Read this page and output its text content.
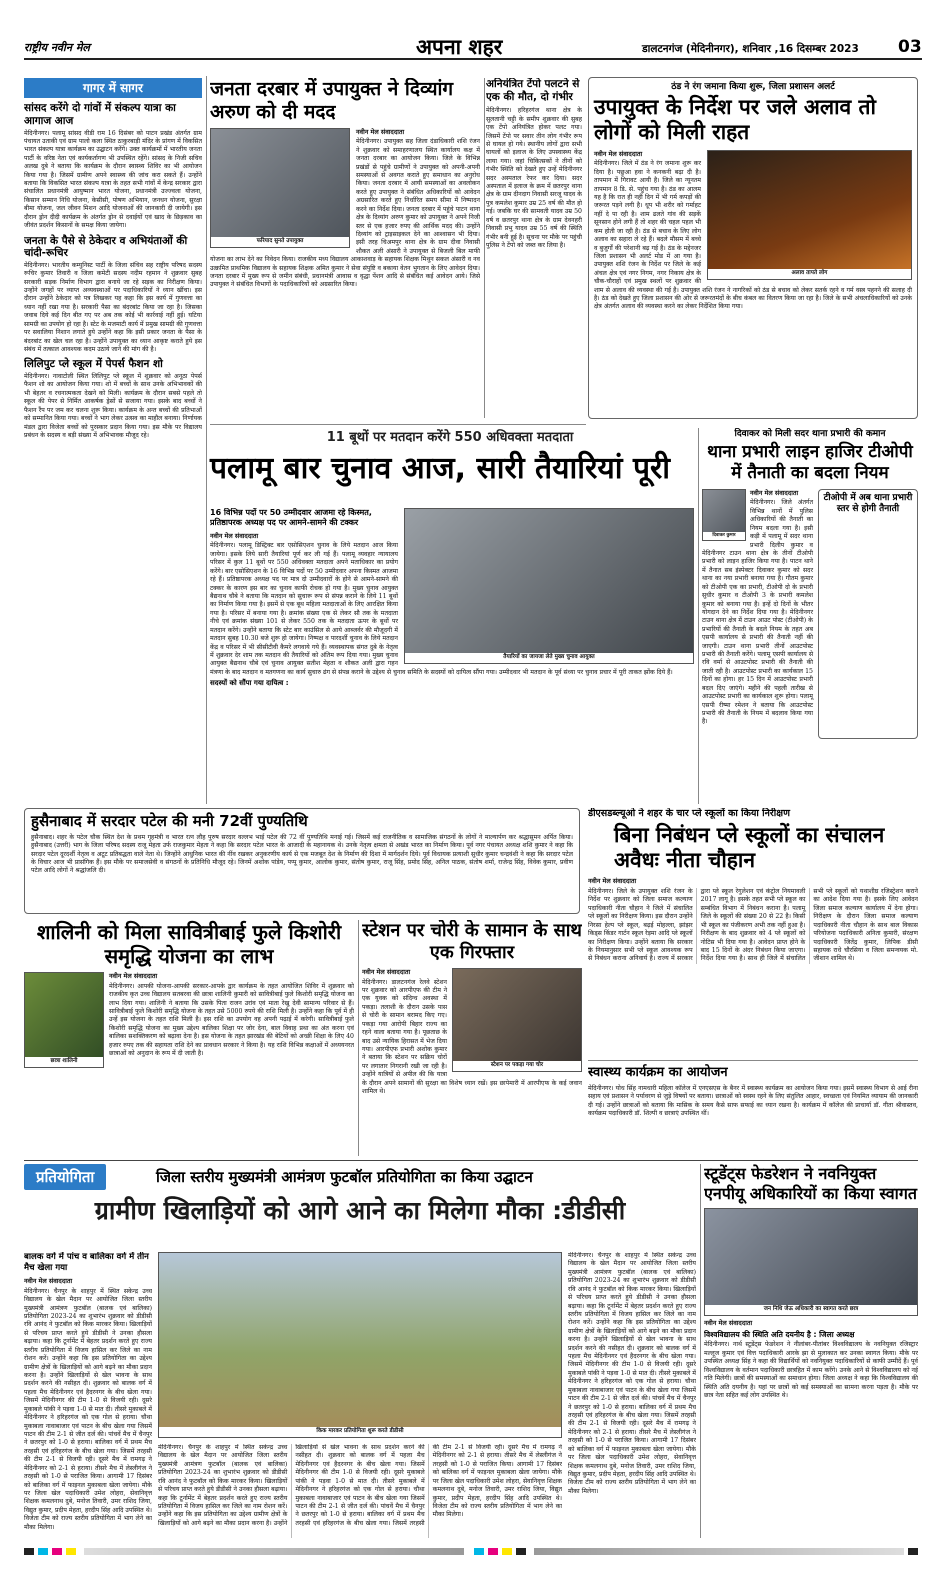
राष्ट्रीय नवीन मेल	अपना शहर	डालटनगंज (मेदिनीनगर), शनिवार ,16 दिसम्बर 2023 03
गागर में सागर
सांसद करेंगे दो गांवों में संकल्प यात्रा का आगाज आज
मेदिनीनगर। पलामू सांसद वीडी राम 16 दिसंबर को पाटन प्रखंड अंतर्गत ग्राम पंचायत उताकी एवं ग्राम पालो कला स्थित ठाकुरबाड़ी मंदिर के प्रांगण में विकसित भारत संकल्प यात्रा कार्यक्रम का उद्घाटन करेंगे। उक्त कार्यक्रमों में भारतीय जनता पार्टी के वरिष्ठ नेता एवं कार्यकर्तागण भी उपस्थित रहेंगे। सांसद के निजी सचिव अलख दुबे ने बताया कि कार्यक्रम के दौरान स्वास्थ्य शिविर का भी आयोजन किया गया है। जिसमें ग्रामीण अपने स्वास्थ्य की जांच करा सकते हैं। उन्होंने बताया कि विकसित भारत संकल्प यात्रा के तहत सभी गांवों में केन्द्र सरकार द्वारा संचालित प्रधानमंत्री आयुष्मान भारत योजना, प्रधानमंत्री उज्ज्वला योजना, किसान सम्मान निधि योजना, केसीसी, पोषण अभियान, जनधन योजना, सुरक्षा बीमा योजना, जल जीवन मिशन आदि योजनाओं की जानकारी दी जायेगी। इस दौरान ड्रोन दीदी कार्यक्रम के अंतर्गत ड्रोन से दवाईयों एवं खाद के छिड़काव का जीवंत प्रदर्शन किसानों के समक्ष किया जायेगा।
जनता के पैसे से ठेकेदार व अभियंताओं की चांदी-रूचिर
मेदिनीनगर। भारतीय कम्युनिस्ट पार्टी के जिला संचिव सह राष्ट्रीय परिषद सदस्य रूचिर कुमार तिवारी व जिला कमेटी सदस्य नदीम रहमान ने शुक्रवार सुबह सरकारी सड़क निर्माण विभाग द्वारा बनाये जा रहे सड़क का निरीक्षण किया। उन्होंने जगहों पर व्याप्त अव्यवस्थाओं पर पदाधिकारियों ने ध्यान खींचा। इस दौरान उन्होंने ठेकेदार को पत्र लिखकर यह कहा कि इस कार्य में गुणवत्ता का ध्यान नहीं रखा गया है। सरकारी पैसा का बंदरबांट किया जा रहा है। जिसका जवाब दिये कई दिन बीत गए पर अब तक कोई भी कार्रवाई नहीं हुई। घटिया सामग्री का उपयोग हो रहा है। स्टेट के मजमाटी कार्य में प्रमुख सामग्री की गुणवत्ता पर सवालिया निशान लगाते हुये उन्होंने कहा कि इसी प्रकार जनता के पैसा के बंदरबांट का खेल चल रहा है। उन्होंने उपायुक्त का ध्यान आकृष्ट कराते हुये इस संबंध में तत्काल आवश्यक कदम उठाये जाने की मांग की है।
लिलिपुट प्ले स्कूल में पेपर्स फैशन शो
मेदिनीनगर। नावाटोली स्थित लिलिपुट प्ले स्कूल में शुक्रवार को अनूठा पेपर्स फैशन शो का आयोजन किया गया। शो में बच्चों के साथ उनके अभिभावकों की भी बेहतर व रचनात्मकता देखने को मिली। कार्यक्रम के दौरान सबसे पहले तो स्कूल की पेपर से निर्मित आकर्षक ड्रेसों से सजाया गया। इसके बाद बच्चों ने फैशन रैंप पर जम कर चलना शुरू किया। कार्यक्रम के अन्त बच्चों की प्रतिभाओं को सम्मानित किया गया। बच्चों ने भाग लेकर उत्सव का माहौल बनाया। निर्णायक मंडल द्वारा विजेता बच्चों को पुरस्कार प्रदान किया गया। इस मौके पर विद्यालय प्रबंधन के सदस्य व बड़ी संख्या में अभिभावक मौजूद रहे।
जनता दरबार में उपायुक्त ने दिव्यांग अरुण को दी मदद
फरियाद सुनते उपायुक्त
नवीन मेल संवाददाता
मेदिनीनगर। उपायुक्त सह जिला दंडाधिकारी शशि रंजन ने शुक्रवार को समाहरणालय स्थित कार्यालय कक्ष में जनता दरबार का आयोजन किया। जिले के विभिन्न प्रखंडों से पहुंचे ग्रामीणों ने उपायुक्त को अपनी-अपनी समस्याओं से अवगत कराते हुए समाधान का अनुरोध किया। जनता दरबार में आयी समस्याओं का अवलोकन करते हुए उपायुक्त ने संबंधित अधिकारियों को आवेदन अग्रसारित करते हुए निर्धारित समय सीमा में निष्पादन करने का निर्देश दिया। जनता दरबार में पहुंचे पाटन थाना क्षेत्र के दिव्यांग अरुण कुमार को उपायुक्त ने अपने निजी स्तर से एक हजार रुपए की आर्थिक मदद की। उन्होंने दिव्यांग को ट्राइसाइकल देने का आश्वासन भी दिया। इसी तरह चिअमपुर थाना क्षेत्र के ग्राम दीवा निवासी शौकत अली अंसारी ने उपायुक्त से बिजली बिल माफी योजना का लाभ देने का निवेदन किया। राजकीय मध्य विद्यालय आकाशवाड़ के सहायक शिक्षक मिथुन सकल अंसारी व नव उत्क्रमित प्राथमिक विद्यालय के सहायक शिक्षक अमित कुमार ने सेवा संपुष्टि व बकाया वेतन भुगतान के लिए आवेदन दिया। जनता दरबार में मुख्य रूप से जमीन संबंधी, प्रधानमंत्री आवास व वृद्धा पेंशन आदि से संबंधित कई आवेदन आये। जिसे उपायुक्त ने संबंधित विभागों के पदाधिकारियों को अग्रसारित किया।
अनियंत्रित टेंपो पलटने से एक की मौत, दो गंभीर
मेदिनीनगर। हरिहरगंज थाना क्षेत्र के सुलतानी चट्टी के समीप शुक्रवार की सुबह एक टेंपो अनियंत्रित होकर पलट गया। जिसमें टेंपो पर सवार तीन लोग गंभीर रूप से घायल हो गये। स्थानीय लोगों द्वारा सभी घायलों को इलाज के लिए उपस्वास्थ्य केंद्र लाया गया। जहां चिकित्सकों ने तीनों को गंभीर स्थिति को देखते हुए उन्हें मेदिनीनगर सदर अस्पताल रेफर कर दिया। सदर अस्पताल में इलाज के क्रम में छतरपुर थाना क्षेत्र के ग्राम दीनदाग निवासी सरजू यादव के पुत्र कमलेश कुमार उम्र 25 वर्ष की मौत हो गई। जबकि घर की सामवती यादव उम्र 50 वर्ष व छतरपुर थाना क्षेत्र के ग्राम देवनहरी निवासी प्रभु यादव उम्र 55 वर्ष की स्थिति गंभीर बनी हुई है। सूचना पर मौके पर पहुंची पुलिस ने टेंपो को जब्त कर लिया है।
ठंड ने रंग जमाना किया शुरू, जिला प्रशासन अलर्ट
उपायुक्त के निर्देश पर जले अलाव तो लोगों को मिली राहत
अलाव तापते लोग
नवीन मेल संवाददाता
मेदिनीनगर। जिले में ठंड ने रंग जमाना शुरू कर दिया है। पछुआ हवा ने कनकनी बढ़ा दी है। तापमान में गिरावट आयी है। जिले का न्यूनतम तापमान 8 डि. से. पहुंच गया है। ठंड का आलम यह है कि रात ही नहीं दिन में भी गर्म कपड़ों की जरूरत पड़ने लगी है। धूप भी शरीर को गर्माहट नहीं दे पा रही है। शाम ढलते गांव की सड़कें सूनसान होने लगी हैं तो शहर की चहल पहल भी कम होती जा रही है। ठंड से बचाव के लिए लोग अलाव का सहारा ले रहे हैं। बदले मौसम में बच्चे व बुजुर्गों की परेशानी बढ़ गई है। ठंड के मद्देनजर जिला प्रशासन भी अलर्ट मोड में आ गया है। उपायुक्त शशि रंजन के निर्देश पर जिले के कई अंचल क्षेत्र एवं नगर निगम, नगर निकाय क्षेत्र के चौक-चौराहों एवं प्रमुख स्थलों पर शुक्रवार की शाम से अलाव की व्यवस्था की गई है। उपायुक्त शशि रंजन ने नागरिकों को ठंड से बचाव को लेकर सतर्क रहने व गर्म वस्त्र पहनने की सलाह दी है। ठंड को देखते हुए जिला प्रशासन की ओर से जरूरतमंदों के बीच कंबल का वितरण किया जा रहा है। जिले के सभी अंचलाधिकारियों को उनके क्षेत्र अंतर्गत अलाव की व्यवस्था करने का लेकर निर्देशित किया गया।
11 बूथों पर मतदान करेंगे 550 अधिवक्ता मतदाता
पलामू बार चुनाव आज, सारी तैयारियां पूरी
तैयारियों का जायजा लेते मुख्य चुनाव आयुक्त
16 विभिन्न पदों पर 50 उम्मीदवार आजमा रहे किस्मत, प्रतिष्ठापरक अध्यक्ष पद पर आमने-सामने की टक्कर
नवीन मेल संवाददाता
मेदिनीनगर। पलामू डिस्ट्रिक्ट बार एसोसिएशन चुनाव के लिये मतदान आज किया जायेगा। इसके लिये सारी तैयारियां पूर्ण कर ली गई हैं। पलामू व्यवहार न्यायालय परिसर में कुल 11 बूथों पर 550 अधिवक्ता मतदाता अपने मताधिकार का प्रयोग करेंगे। बार एसोसिएशन के 16 विभिन्न पदों पर 50 उम्मीदवार अपना किस्मत आजमा रहे हैं। प्रतिष्ठापरक अध्यक्ष पद पर मात्र दो उम्मीदवारों के होने से आमने-सामने की टक्कर के कारण इस बार का चुनाव काफी रोचक हो गया है। मुख्य चुनाव आयुक्त बैद्यनाथ चौबे ने बताया कि मतदान को सुचारू रूप से संपन्न कराने के लिये 11 बूथों का निर्माण किया गया है। इसमें से एक बूथ महिला मतदाताओं के लिए आरक्षित किया गया है। परिसर में बनाया गया है। क्रमांक संख्या एक से लेकर सौ तक के मतदाता नीचे एवं क्रमांक संख्या 101 से लेकर 550 तक के मतदाता ऊपर के बूथों पर मतदान करेंगे। उन्होंने बताया कि स्टेट बार काउंसिल से आये आब्जर्वर की मौजूदगी में मतदान सुबह 10.30 बजे शुरू हो जायेगा। निष्पक्ष व पारदर्शी चुनाव के लिये मतदान केंद्र व परिसर में भी सीसीटीवी कैमरे लगवाये गये हैं। व्यवस्थापक संगत दुबे के नेतृत्व में शुक्रवार देर शाम तक मतदान की तैयारियों को अंतिम रूप दिया गया। मुख्य चुनाव आयुक्त बैद्यनाथ चौबे एवं चुनाव आयुक्त सतीश मेहता व शौकत अली द्वारा गहन मंत्रणा के बाद मतदान व मतगणना का कार्य सुचारु ढंग से संपन्न कराने के उद्देश्य से चुनाव समिति के सदस्यों को दायित्व सौंपा गया। उम्मीदवार भी मतदान के पूर्व संध्या पर चुनाव प्रचार में पूरी ताकत झोंक दिये हैं।
सदस्यों को सौंपा गया दायित्व :
दिवाकर को मिली सदर थाना प्रभारी की कमान
थाना प्रभारी लाइन हाजिर टीओपी में तैनाती का बदला नियम
टीओपी में अब थाना प्रभारी स्तर से होगी तैनाती
दिवाकर कुमार
नवीन मेल संवाददाता
मेदिनीनगर। जिले अंतर्गत विभिन्न थानों में पुलिस अधिकारियों की तैनाती का नियम बदला गया है। इसी कड़ी में पलामू में सदर थाना प्रभारी दिलीप कुमार व मेदिनीनगर टाउन थाना क्षेत्र के तीनों टीओपी प्रभारी को लाइन हाजिर किया गया है। पाटन थाने में तैनात सब इंस्पेक्टर दिवाकर कुमार को सदर थाना का नया प्रभारी बनाया गया है। गौतम कुमार को टीओपी एक का प्रभारी, टीओपी दो के प्रभारी सुधीर कुमार व टीओपी 3 के प्रभारी कमलेश कुमार को बनाया गया है। इन्हें दो दिनों के भीतर योगदान देने का निर्देश दिया गया है। मेदिनीनगर टाउन थाना क्षेत्र में टाउन आउट पोस्ट (टीओपी) के प्रभारियों की तैनाती के बदले नियम के तहत अब एसपी कार्यालय से प्रभारी की तैनाती नहीं की जाएगी। टाउन थाना प्रभारी तीनों आउटपोस्ट प्रभारी की तैनाती करेंगे। पलामू एसपी कार्यालय से रवि वर्मा से आउटपोस्ट प्रभारी की तैनाती की जाती रही है। आउटपोस्ट प्रभारी का कार्यकाल 15 दिनों का होगा। हर 15 दिन में आउटपोस्ट प्रभारी बदल दिए जाएंगे। महीने की पहली तारीख से आउटपोस्ट प्रभारी का कार्यकाल शुरू होगा। पलामू एसपी रीष्मा रमेशन ने बताया कि आउटपोस्ट प्रभारी की तैनाती के नियम में बदलाव किया गया है।
हुसैनाबाद में सरदार पटेल की मनी 72वीं पुण्यतिथि
हुसैनाबाद। शहर के पटेल चौक स्थित देश के प्रथम गृहमंत्री व भारत रत्न लौह पुरुष सरदार वल्लभ भाई पटेल की 72 वीं पुण्यतिथि मनाई गई। जिसमें कई राजनीतिक व सामाजिक संगठनों के लोगों ने माल्यार्पण कर श्रद्धासुमन अर्पित किया। हुसैनाबाद (उत्तरी) भाग के जिला परिषद सदस्य राजू मेहता उर्फ राजकुमार मेहता ने कहा कि सरदार पटेल भारत के आजादी के महानायक थे। उनके नेतृत्व क्षमता से अखंड भारत का निर्माण किया। पूर्व नगर पंचायत अध्यक्ष शशि कुमार ने कहा कि सरदार पटेल दूरदर्शी नेतृत्व व अटूट प्रतिबद्धता वाले नेता थे। जिन्होंने आधुनिक भारत की नींव रखकर अनुकरणीय कार्य से एक मजबूत देश के निर्माण की दिशा में मार्गदर्शन दिये। पूर्व विधायक प्रत्याशी सुधीर कुमार चन्द्रवंशी ने कहा कि सरदार पटेल के विचार आज भी प्रासंगिक हैं। इस मौके पर समाजसेवी व संगठनों के प्रतिनिधि मौजूद रहे। जिनमें अशोक पांडेय, पप्पू कुमार, आलोक कुमार, संतोष कुमार, राजू सिंह, प्रमोद सिंह, अनिल पाठक, संतोष शर्मा, राजेन्द्र सिंह, विवेक कुमार, प्रवीण पटेल आदि लोगों ने श्रद्धांजलि दी।
डीएसडब्ल्यूओ ने शहर के चार प्ले स्कूलों का किया निरीक्षण
बिना निबंधन प्ले स्कूलों का संचालन अवैधः नीता चौहान
नवीन मेल संवाददाता
मेदिनीनगर। जिले के उपायुक्त शशि रंजन के निर्देश पर शुक्रवार को जिला समाज कल्याण पदाधिकारी नीता चौहान ने जिले में संचालित प्ले स्कूलों का निरीक्षण किया। इस दौरान उन्होंने निरसा हेल्प प्ले स्कूल, बढ़ई मोहल्ला, झांझर किड्स किंडर गार्टन स्कूल रेड़मा आदि प्ले स्कूलों का निरीक्षण किया। उन्होंने बताया कि सरकार के नियमानुसार सभी प्ले स्कूल आवश्यक रूप से निबंधन कराना अनिवार्य है। राज्य में सरकार द्वारा प्ले स्कूल रेगुलेशन एवं कंट्रोल नियमावली 2017 लागू है। इसके तहत सभी प्ले स्कूल का सम्बंधित विभाग में निबंधन कराना है। पलामू जिले के स्कूलों की संख्या 20 से 22 है। किसी भी स्कूल का पंजीकरण अभी तक नहीं हुआ है। निरीक्षण के बाद शुक्रवार को 4 प्ले स्कूलों को नोटिस भी दिया गया है। आवेदन प्राप्त होने के बाद 15 दिनों के अंदर निबंधन किया जाएगा। निर्देश दिया गया है। साथ ही जिले में संचालित सभी प्ले स्कूलों को यथाशीघ्र रजिस्ट्रेशन कराने का आदेश दिया गया है। इसके लिए आवेदन जिला समाज कल्याण कार्यालय में देना होगा। निरीक्षण के दौरान जिला समाज कल्याण पदाधिकारी नीता चौहान के साथ बाल विकास परियोजना पदाधिकारी अनिता कुमारी, संरक्षण पदाधिकारी जितेंद्र कुमार, लिपिक डीसी सहायक राधे चौरसिया व जिला समन्वयक मो. जीशान शामिल थे।
स्वास्थ्य कार्यक्रम का आयोजन
मेदिनीनगर। योध सिंह नामधारी महिला कॉलेज में एनएसएस के बैनर में स्वास्थ्य कार्यक्रम का आयोजन किया गया। इसमें स्वास्थ्य विभाग से आई रीना सहाय एवं प्रशासन ने पर्यावरण से जुड़े विषयों पर बताया। छात्राओं को स्वस्थ रहने के लिए संतुलित आहार, स्वच्छता एवं नियमित व्यायाम की जानकारी दी गई। उन्होंने छात्राओं को बताया कि मासिक के समय कैसे साफ सफाई का ध्यान रखना है। कार्यक्रम में कॉलेज की प्राचार्या डॉ. गीता श्रीवास्तव, कार्यक्रम पदाधिकारी डॉ. शिल्पी व छात्राएं उपस्थित थीं।
शालिनी को मिला सावित्रीबाई फुले किशोरी समृद्धि योजना का लाभ
छात्रा शालिनी
नवीन मेल संवाददाता
मेदिनीनगर। आपकी योजना-आपकी सरकार-आपके द्वार कार्यक्रम के तहत आयोजित शिविर में शुक्रवार को राजकीय कृत उच्च विद्यालय सतबरवा की छात्रा शालिनी कुमारी को सावित्रीबाई फुले किशोरी समृद्धि योजना का लाभ दिया गया। शालिनी ने बताया कि उसके पिता राजन उरांव एवं माता रेखु देवी सामान्य परिवार से हैं। सावित्रीबाई फुले किशोरी समृद्धि योजना के तहत उसे 5000 रुपये की राशि मिली है। उन्होंने कहा कि पूर्व में ही उन्हें इस योजना के तहत राशि मिली है। इस राशि का उपयोग वह अपनी पढ़ाई में करेगी। सावित्रीबाई फुले किशोरी समृद्धि योजना का मुख्य उद्देश्य बालिका शिक्षा पर जोर देना, बाल विवाह प्रथा का अंत करना एवं बालिका सशक्तिकरण को बढ़ावा देना है। इस योजना के तहत झारखंड की बेटियों को अच्छी शिक्षा के लिए 40 हजार रुपए तक की सहायता राशि देने का प्रावधान सरकार ने किया है। यह राशि विभिन्न कक्षाओं में अध्ययनरत छात्राओं को अनुदान के रूप में दी जाती है।
स्टेशन पर चोरी के सामान के साथ एक गिरफ्तार
स्टेशन पर पकड़ा गया चोर
नवीन मेल संवाददाता
मेदिनीनगर। डालटनगंज रेलवे स्टेशन पर शुक्रवार को आरपीएफ की टीम ने एक युवक को संदिग्ध अवस्था में पकड़ा। तलाशी के दौरान उसके पास से चोरी के सामान बरामद किए गए। पकड़ा गया आरोपी बिहार राज्य का रहने वाला बताया गया है। पूछताछ के बाद उसे न्यायिक हिरासत में भेज दिया गया। आरपीएफ प्रभारी अशोक कुमार ने बताया कि स्टेशन पर सक्रिय चोरों पर लगातार निगरानी रखी जा रही है। उन्होंने यात्रियों से अपील की कि यात्रा के दौरान अपने सामानों की सुरक्षा का विशेष ध्यान रखें। इस छापेमारी में आरपीएफ के कई जवान शामिल थे।
प्रतियोगिता	जिला स्तरीय मुख्यमंत्री आमंत्रण फुटबॉल प्रतियोगिता का किया उद्घाटन
ग्रामीण खिलाड़ियों को आगे आने का मिलेगा मौका :डीडीसी
किक मारकर प्रतियोगिता शुरू करते डीडीसी
बालक वर्ग में पांच व बालिका वर्ग में तीन मैच खेला गया
नवीन मेल संवाददाता
मेदिनीनगर। चैनपुर के शाहपुर में स्थित सकेन्द्र उच्च विद्यालय के खेल मैदान पर आयोजित जिला स्तरीय मुख्यमंत्री आमंत्रण फुटबॉल (बालक एवं बालिका) प्रतियोगिता 2023-24 का शुभारंभ शुक्रवार को डीडीसी रवि आनंद ने फुटबॉल को किक मारकर किया। खिलाड़ियों से परिचय प्राप्त करते हुये डीडीसी ने उनका हौसला बढ़ाया। कहा कि टूर्नामेंट में बेहतर प्रदर्शन करते हुए राज्य स्तरीय प्रतियोगिता में विजय हासिल कर जिले का नाम रोशन करें। उन्होंने कहा कि इस प्रतियोगिता का उद्देश्य ग्रामीण क्षेत्रों के खिलाड़ियों को आगे बढ़ने का मौका प्रदान करना है। उन्होंने खिलाड़ियों से खेल भावना के साथ प्रदर्शन करने की नसीहत दी। शुक्रवार को बालक वर्ग में पहला मैच मेदिनीनगर एवं हैदरनगर के बीच खेला गया। जिसमें मेदिनीनगर की टीम 1-0 से विजयी रही। दूसरे मुकाबले पांकी ने पड़वा 1-0 से मात दी। तीसरे मुकाबले में मेदिनीनगर ने हरिहरगंज को एक गोल से हराया। चौथा मुकाबला नावाबाजार एवं पाटन के बीच खेला गया जिसमें पाटन की टीम 2-1 से जीत दर्ज की। पांचवें मैच में चैनपुर ने छतरपुर को 1-0 से हराया। बालिका वर्ग में प्रथम मैच तरहसी एवं हरिहरगंज के बीच खेला गया। जिसमें तरहसी की टीम 2-1 से विजयी रही। दूसरे मैच में रामगढ़ ने मेदिनीनगर को 2-1 से हराया। तीसरे मैच में लेस्लीगंज ने तरहसी को 1-0 से पराजित किया। आगामी 17 दिसंबर को बालिका वर्ग में फाइनल मुकाबला खेला जायेगा। मौके पर जिला खेल पदाधिकारी उमेश लोहरा, सेवानिवृत्त शिक्षक कमलनाथ दुबे, मनोज तिवारी, उमर राशिद जिया, विद्युत कुमार, प्रदीप मेहता, हरदीप सिंह आदि उपस्थित थे। विजेता टीम को राज्य स्तरीय प्रतियोगिता में भाग लेने का मौका मिलेगा।
मेदिनीनगर। चैनपुर के शाहपुर में स्थित सकेन्द्र उच्च विद्यालय के खेल मैदान पर आयोजित जिला स्तरीय मुख्यमंत्री आमंत्रण फुटबॉल (बालक एवं बालिका) प्रतियोगिता 2023-24 का शुभारंभ शुक्रवार को डीडीसी रवि आनंद ने फुटबॉल को किक मारकर किया। खिलाड़ियों से परिचय प्राप्त करते हुये डीडीसी ने उनका हौसला बढ़ाया। कहा कि टूर्नामेंट में बेहतर प्रदर्शन करते हुए राज्य स्तरीय प्रतियोगिता में विजय हासिल कर जिले का नाम रोशन करें। उन्होंने कहा कि इस प्रतियोगिता का उद्देश्य ग्रामीण क्षेत्रों के खिलाड़ियों को आगे बढ़ने का मौका प्रदान करना है। उन्होंने खिलाड़ियों से खेल भावना के साथ प्रदर्शन करने की नसीहत दी। शुक्रवार को बालक वर्ग में पहला मैच मेदिनीनगर एवं हैदरनगर के बीच खेला गया। जिसमें मेदिनीनगर की टीम 1-0 से विजयी रही। दूसरे मुकाबले पांकी ने पड़वा 1-0 से मात दी। तीसरे मुकाबले में मेदिनीनगर ने हरिहरगंज को एक गोल से हराया। चौथा मुकाबला नावाबाजार एवं पाटन के बीच खेला गया जिसमें पाटन की टीम 2-1 से जीत दर्ज की। पांचवें मैच में चैनपुर ने छतरपुर को 1-0 से हराया। बालिका वर्ग में प्रथम मैच तरहसी एवं हरिहरगंज के बीच खेला गया। जिसमें तरहसी की टीम 2-1 से विजयी रही। दूसरे मैच में रामगढ़ ने मेदिनीनगर को 2-1 से हराया। तीसरे मैच में लेस्लीगंज ने तरहसी को 1-0 से पराजित किया। आगामी 17 दिसंबर को बालिका वर्ग में फाइनल मुकाबला खेला जायेगा। मौके पर जिला खेल पदाधिकारी उमेश लोहरा, सेवानिवृत्त शिक्षक कमलनाथ दुबे, मनोज तिवारी, उमर राशिद जिया, विद्युत कुमार, प्रदीप मेहता, हरदीप सिंह आदि उपस्थित थे। विजेता टीम को राज्य स्तरीय प्रतियोगिता में भाग लेने का मौका मिलेगा।
मेदिनीनगर। चैनपुर के शाहपुर में स्थित सकेन्द्र उच्च विद्यालय के खेल मैदान पर आयोजित जिला स्तरीय मुख्यमंत्री आमंत्रण फुटबॉल (बालक एवं बालिका) प्रतियोगिता 2023-24 का शुभारंभ शुक्रवार को डीडीसी रवि आनंद ने फुटबॉल को किक मारकर किया। खिलाड़ियों से परिचय प्राप्त करते हुये डीडीसी ने उनका हौसला बढ़ाया। कहा कि टूर्नामेंट में बेहतर प्रदर्शन करते हुए राज्य स्तरीय प्रतियोगिता में विजय हासिल कर जिले का नाम रोशन करें। उन्होंने कहा कि इस प्रतियोगिता का उद्देश्य ग्रामीण क्षेत्रों के खिलाड़ियों को आगे बढ़ने का मौका प्रदान करना है। उन्होंने खिलाड़ियों से खेल भावना के साथ प्रदर्शन करने की नसीहत दी। शुक्रवार को बालक वर्ग में पहला मैच मेदिनीनगर एवं हैदरनगर के बीच खेला गया। जिसमें मेदिनीनगर की टीम 1-0 से विजयी रही। दूसरे मुकाबले पांकी ने पड़वा 1-0 से मात दी। तीसरे मुकाबले में मेदिनीनगर ने हरिहरगंज को एक गोल से हराया। चौथा मुकाबला नावाबाजार एवं पाटन के बीच खेला गया जिसमें पाटन की टीम 2-1 से जीत दर्ज की। पांचवें मैच में चैनपुर ने छतरपुर को 1-0 से हराया। बालिका वर्ग में प्रथम मैच तरहसी एवं हरिहरगंज के बीच खेला गया। जिसमें तरहसी की टीम 2-1 से विजयी रही। दूसरे मैच में रामगढ़ ने मेदिनीनगर को 2-1 से हराया। तीसरे मैच में लेस्लीगंज ने तरहसी को 1-0 से पराजित किया। आगामी 17 दिसंबर को बालिका वर्ग में फाइनल मुकाबला खेला जायेगा। मौके पर जिला खेल पदाधिकारी उमेश लोहरा, सेवानिवृत्त शिक्षक कमलनाथ दुबे, मनोज तिवारी, उमर राशिद जिया, विद्युत कुमार, प्रदीप मेहता, हरदीप सिंह आदि उपस्थित थे। विजेता टीम को राज्य स्तरीय प्रतियोगिता में भाग लेने का मौका मिलेगा।
स्टूडेंट्स फेडरेशन ने नवनियुक्त एनपीयू अधिकारियों का किया स्वागत
जन निधि जेऊ अधिकारी का स्वागत करते छात्र
नवीन मेल संवाददाता
विश्वविद्यालय की स्थिति अति दयनीय है : जिला अध्यक्ष
मेदिनीनगर। नार्थ स्टूडेंट्स फेडरेशन ने नीलांबर-पीतांबर विश्वविद्यालय के नवनियुक्त रजिस्ट्रार मल्लूज कुमार एवं वित्त पदाधिकारी आरके झा से मुलाकात कर उनका स्वागत किया। मौके पर उपस्थित अध्यक्ष सिंह ने कहा की विद्यार्थियों को नवनियुक्त पदाधिकारियों से काफी उम्मीदें हैं। पूर्व विश्वविद्यालय के वर्तमान पदाधिकारी छात्रहित में काम करेंगे। उनके आने से विश्वविद्यालय को नई गति मिलेगी। छात्रों की समस्याओं का समाधान होगा। जिला अध्यक्ष ने कहा कि विश्वविद्यालय की स्थिति अति दयनीय है। यहां पर छात्रों को कई समस्याओं का सामना करना पड़ता है। मौके पर छात्र नेता सहित कई लोग उपस्थित थे।
